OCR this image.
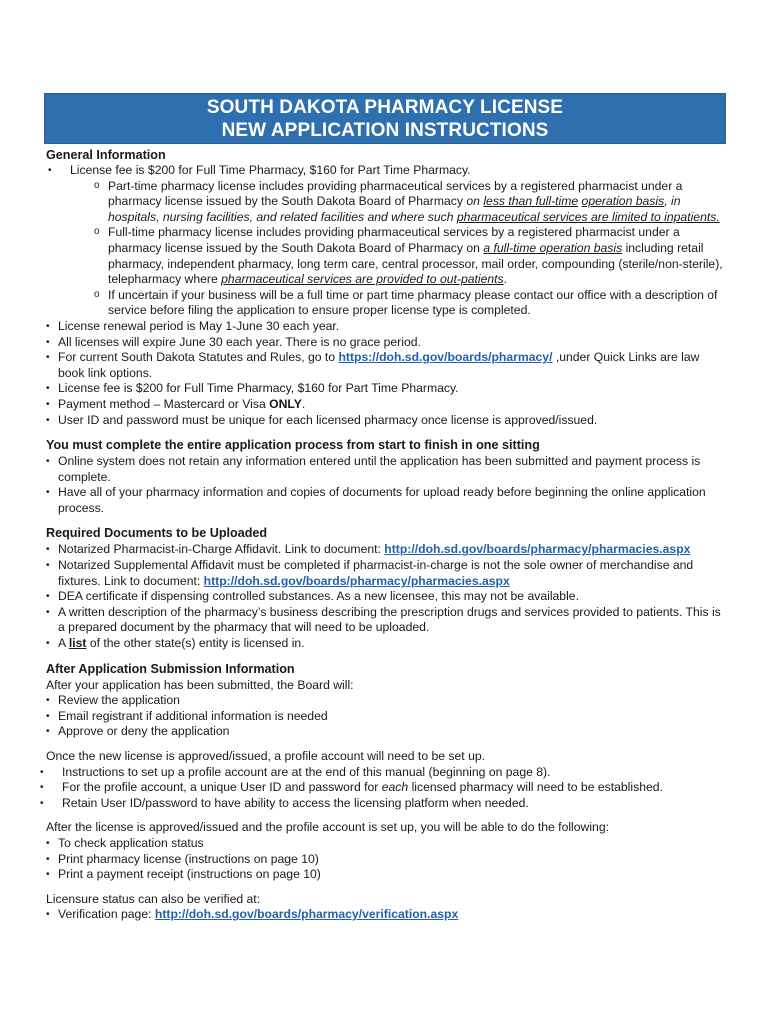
SOUTH DAKOTA PHARMACY LICENSE
NEW APPLICATION INSTRUCTIONS
General Information
• License fee is $200 for Full Time Pharmacy, $160 for Part Time Pharmacy.
o Part-time pharmacy license includes providing pharmaceutical services by a registered pharmacist under a pharmacy license issued by the South Dakota Board of Pharmacy on less than full-time operation basis, in hospitals, nursing facilities, and related facilities and where such pharmaceutical services are limited to inpatients.
o Full-time pharmacy license includes providing pharmaceutical services by a registered pharmacist under a pharmacy license issued by the South Dakota Board of Pharmacy on a full-time operation basis including retail pharmacy, independent pharmacy, long term care, central processor, mail order, compounding (sterile/non-sterile), telepharmacy where pharmaceutical services are provided to out-patients.
o If uncertain if your business will be a full time or part time pharmacy please contact our office with a description of service before filing the application to ensure proper license type is completed.
• License renewal period is May 1-June 30 each year.
• All licenses will expire June 30 each year. There is no grace period.
• For current South Dakota Statutes and Rules, go to https://doh.sd.gov/boards/pharmacy/ ,under Quick Links are law book link options.
• License fee is $200 for Full Time Pharmacy, $160 for Part Time Pharmacy.
• Payment method – Mastercard or Visa ONLY.
• User ID and password must be unique for each licensed pharmacy once license is approved/issued.
You must complete the entire application process from start to finish in one sitting
• Online system does not retain any information entered until the application has been submitted and payment process is complete.
• Have all of your pharmacy information and copies of documents for upload ready before beginning the online application process.
Required Documents to be Uploaded
• Notarized Pharmacist-in-Charge Affidavit. Link to document: http://doh.sd.gov/boards/pharmacy/pharmacies.aspx
• Notarized Supplemental Affidavit must be completed if pharmacist-in-charge is not the sole owner of merchandise and fixtures. Link to document: http://doh.sd.gov/boards/pharmacy/pharmacies.aspx
• DEA certificate if dispensing controlled substances. As a new licensee, this may not be available.
• A written description of the pharmacy’s business describing the prescription drugs and services provided to patients. This is a prepared document by the pharmacy that will need to be uploaded.
• A list of the other state(s) entity is licensed in.
After Application Submission Information

After your application has been submitted, the Board will:

• Review the application
• Email registrant if additional information is needed
• Approve or deny the application

Once the new license is approved/issued, a profile account will need to be set up.

• Instructions to set up a profile account are at the end of this manual (beginning on page 8).
• For the profile account, a unique User ID and password for each licensed pharmacy will need to be established.
• Retain User ID/password to have ability to access the licensing platform when needed.

After the license is approved/issued and the profile account is set up, you will be able to do the following:

• To check application status
• Print pharmacy license (instructions on page 10)
• Print a payment receipt (instructions on page 10)

Licensure status can also be verified at:

• Verification page: http://doh.sd.gov/boards/pharmacy/verification.aspx
